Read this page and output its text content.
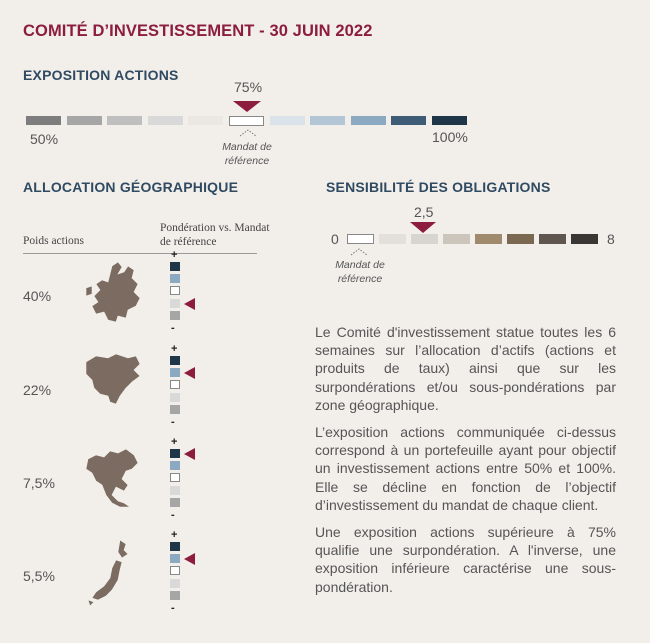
COMITÉ D’INVESTISSEMENT - 30 JUIN 2022
EXPOSITION ACTIONS
75%
50%	100%
Mandat de référence
ALLOCATION GÉOGRAPHIQUE
Poids actions
Pondération vs. Mandat de référence
40%
+
-
22%
+
-
7,5%
+
-
5,5%
+
-
SENSIBILITÉ DES OBLIGATIONS
2,5
0	8
Mandat de référence

Le Comité d'investissement statue toutes les 6 semaines sur l’allocation d’actifs (actions et produits de taux) ainsi que sur les surpondérations et/ou sous-pondérations par zone géographique.

L’exposition actions communiquée ci-dessus correspond à un portefeuille ayant pour objectif un investissement actions entre 50% et 100%. Elle se décline en fonction de l’objectif d’investissement du mandat de chaque client.

Une exposition actions supérieure à 75% qualifie une surpondération. A l'inverse, une exposition inférieure caractérise une sous-pondération.
